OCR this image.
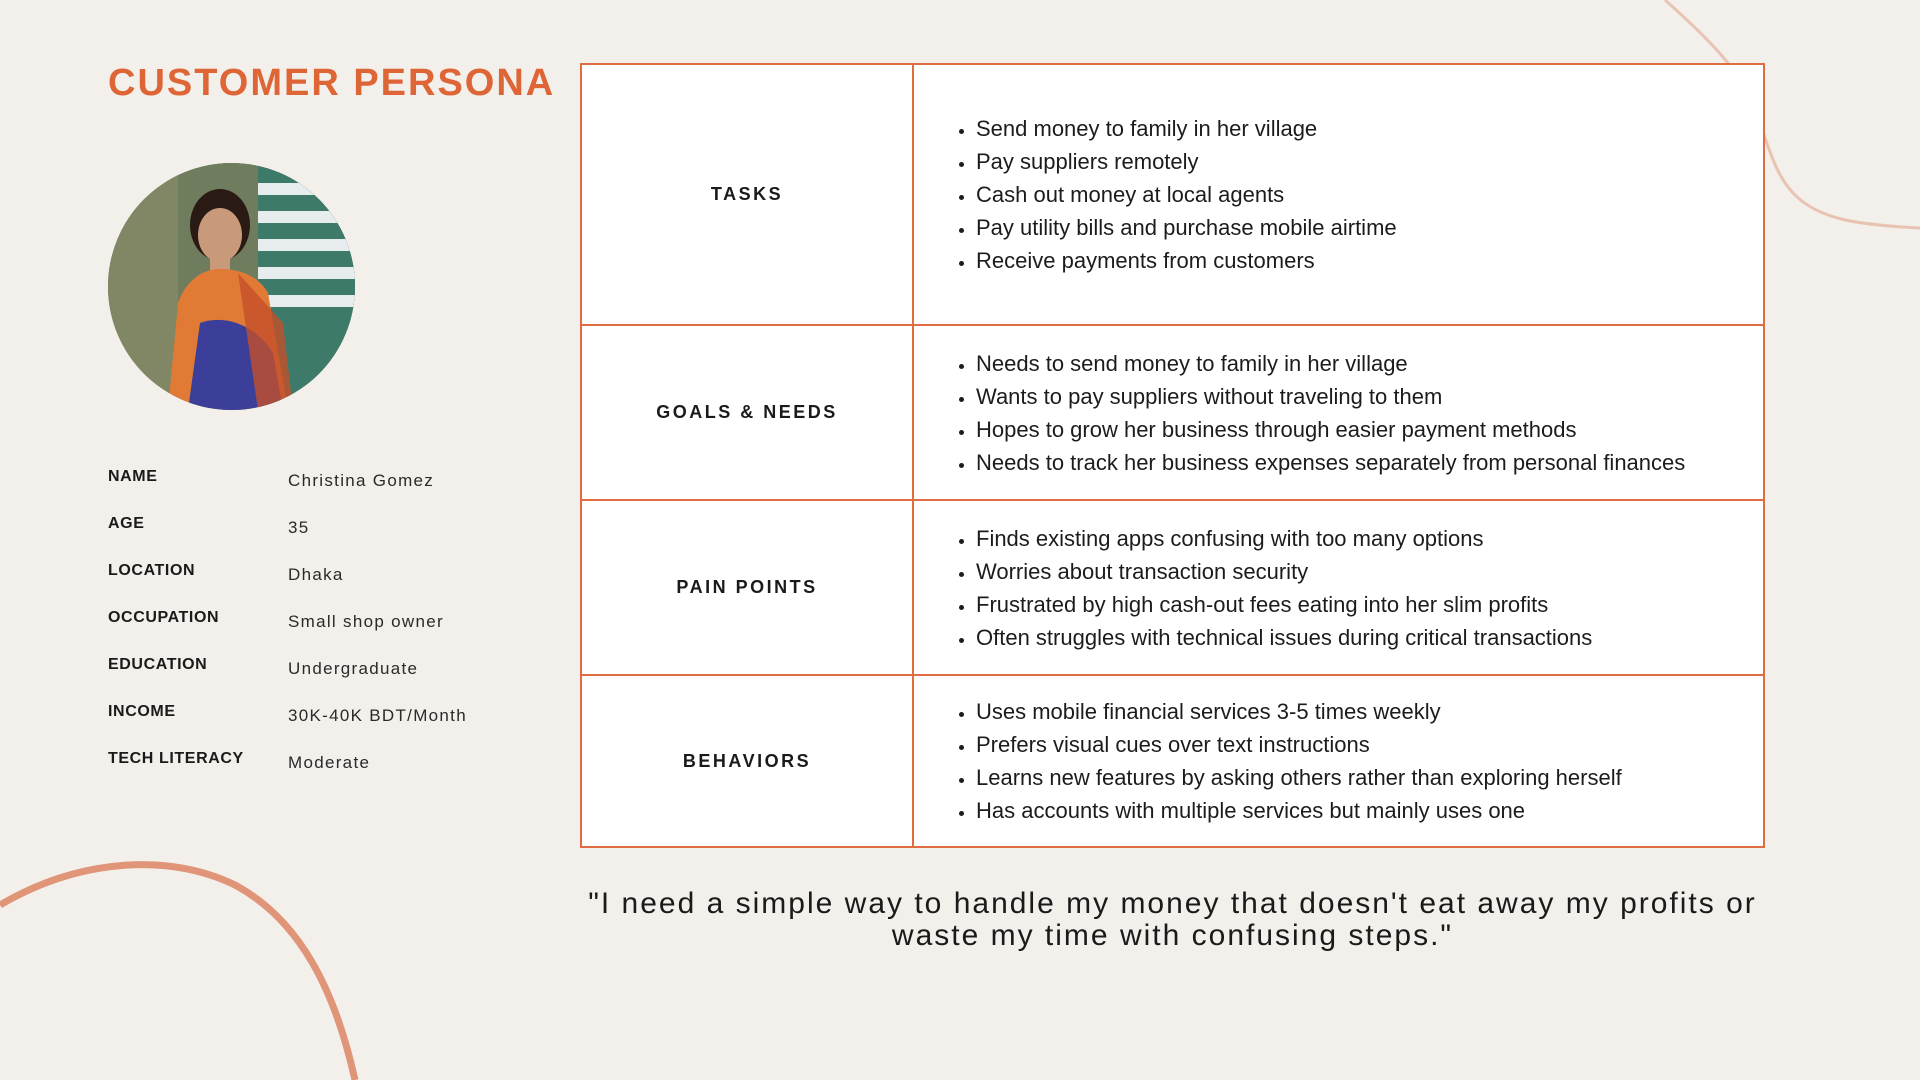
CUSTOMER PERSONA
NAME	Christina Gomez
AGE	35
LOCATION	Dhaka
OCCUPATION	Small shop owner
EDUCATION	Undergraduate
INCOME	30K-40K BDT/Month
TECH LITERACY	Moderate
TASKS
• Send money to family in her village
• Pay suppliers remotely
• Cash out money at local agents
• Pay utility bills and purchase mobile airtime
• Receive payments from customers
GOALS & NEEDS
• Needs to send money to family in her village
• Wants to pay suppliers without traveling to them
• Hopes to grow her business through easier payment methods
• Needs to track her business expenses separately from personal finances
PAIN POINTS
• Finds existing apps confusing with too many options
• Worries about transaction security
• Frustrated by high cash-out fees eating into her slim profits
• Often struggles with technical issues during critical transactions
BEHAVIORS
• Uses mobile financial services 3-5 times weekly
• Prefers visual cues over text instructions
• Learns new features by asking others rather than exploring herself
• Has accounts with multiple services but mainly uses one
"I need a simple way to handle my money that doesn't eat away my profits or
waste my time with confusing steps."
